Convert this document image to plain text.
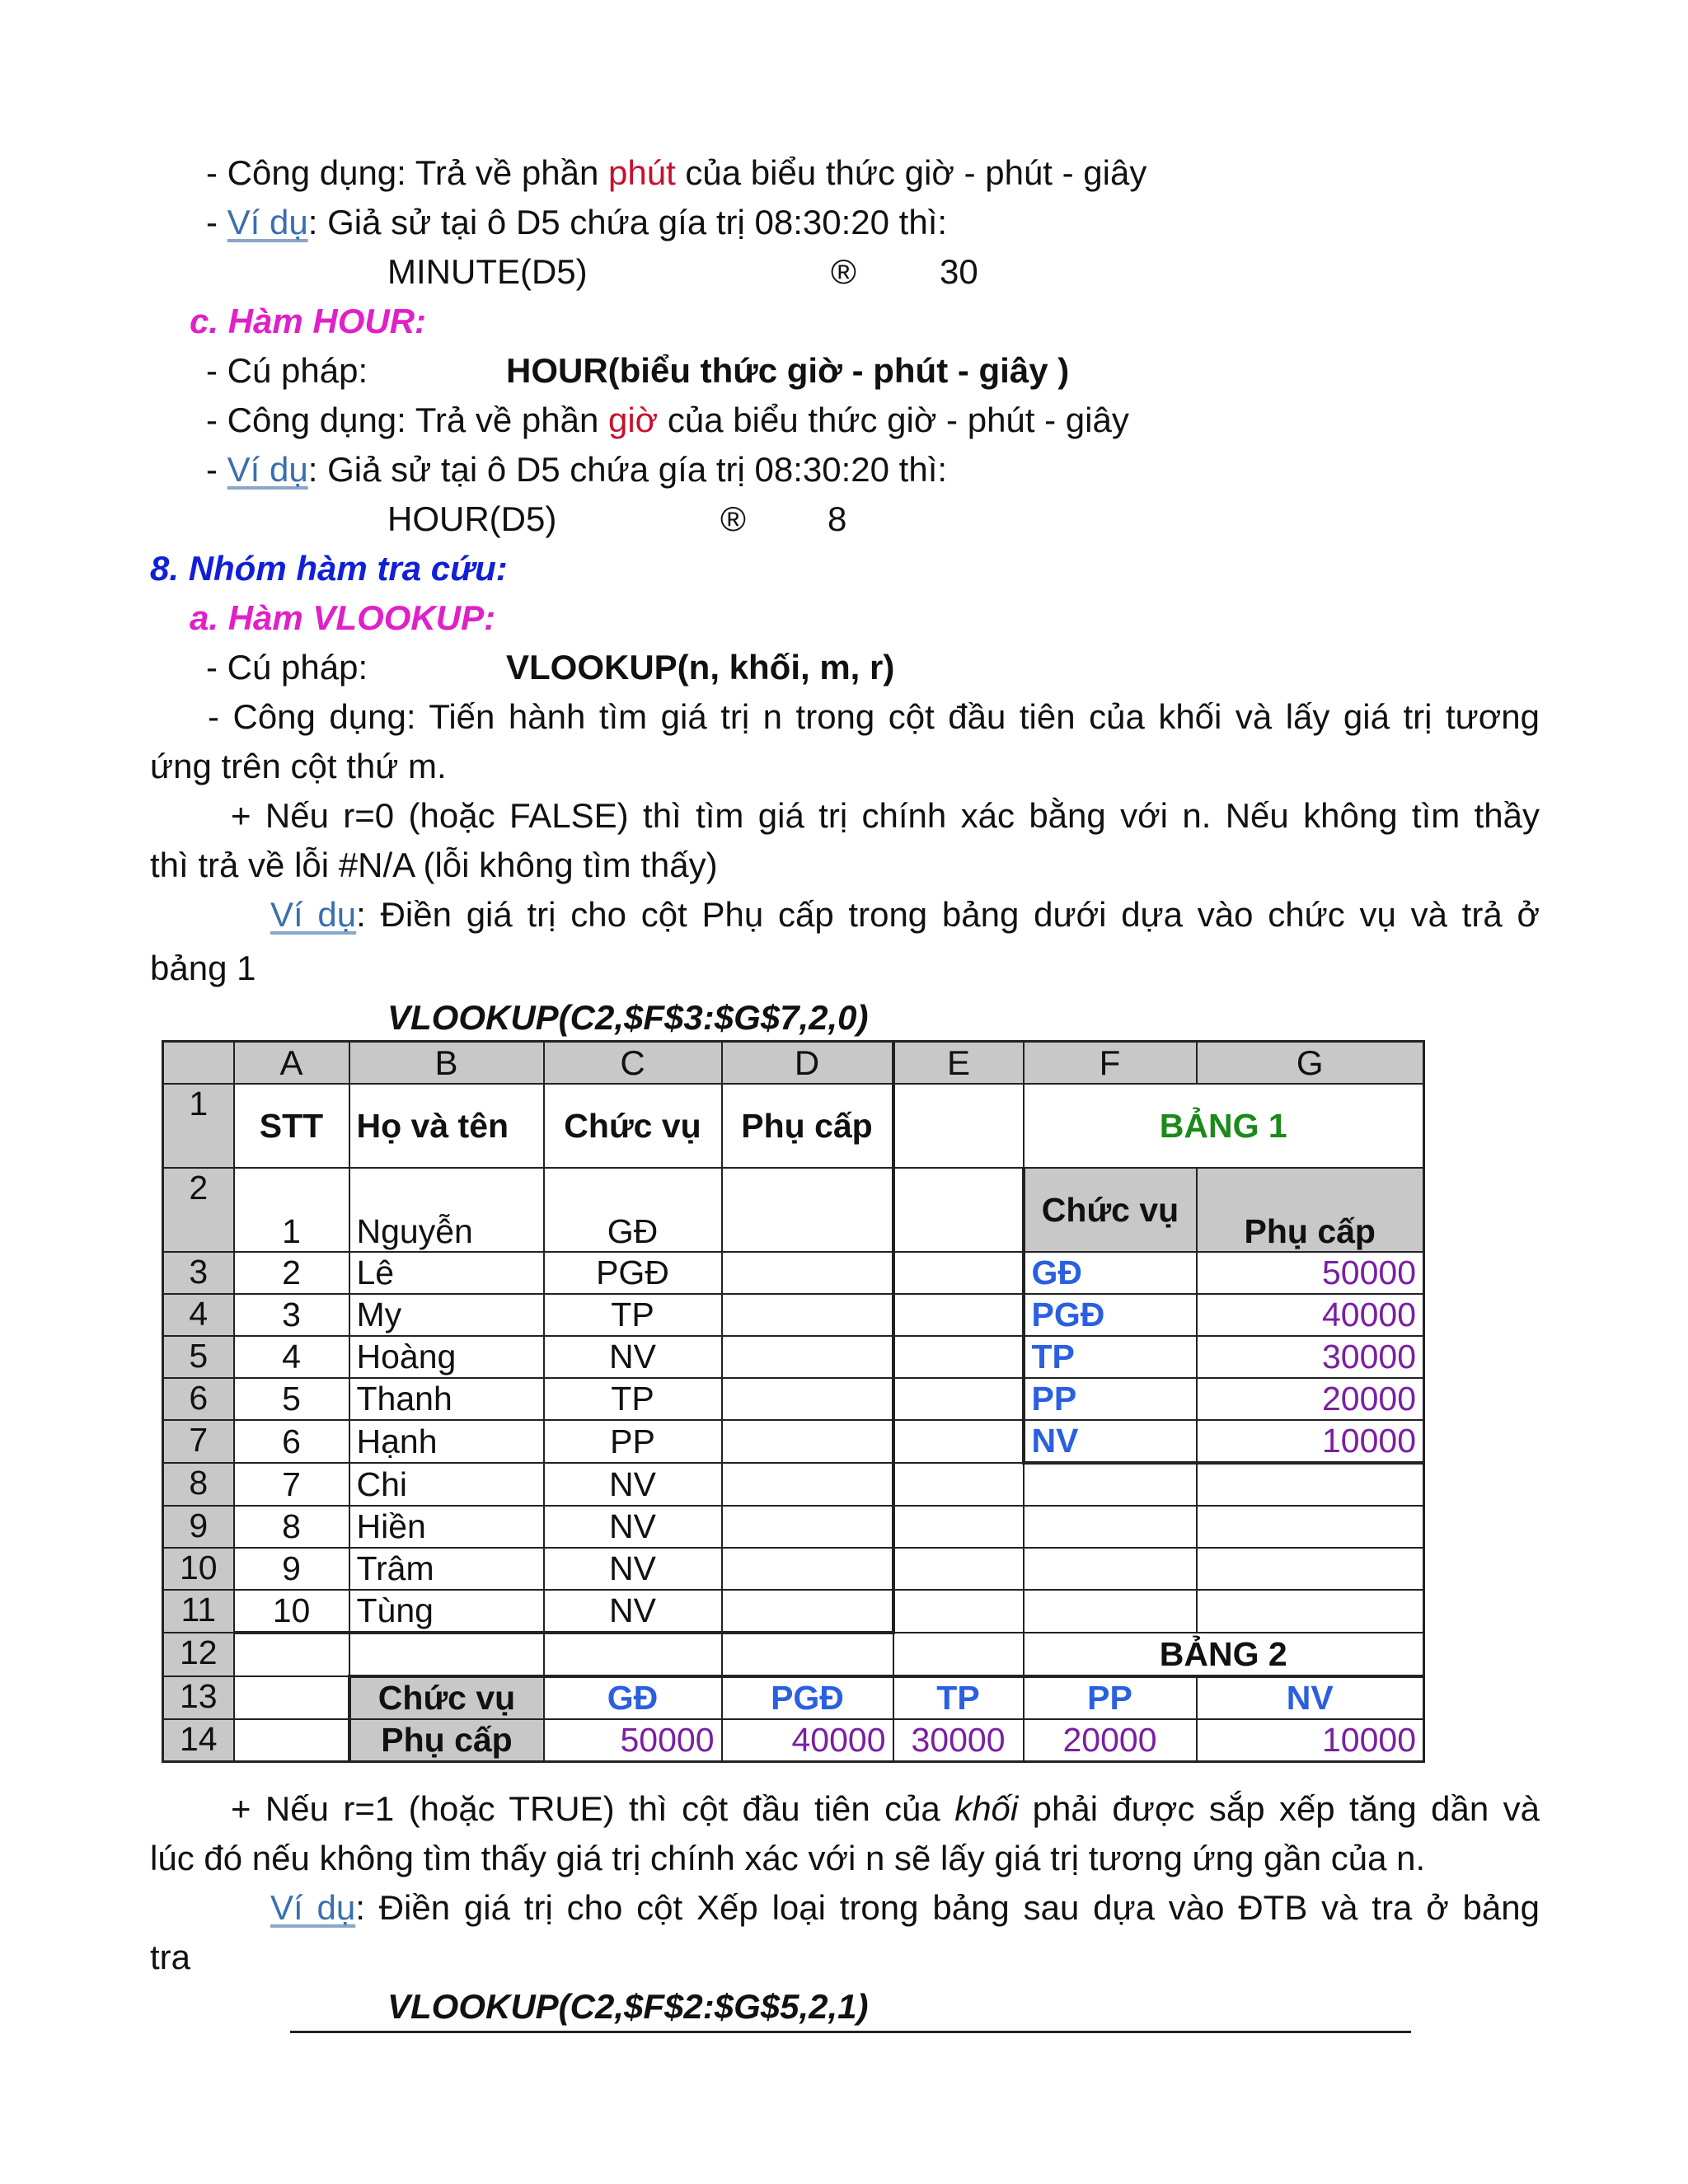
- Công dụng: Trả về phần phút của biểu thức giờ - phút - giây
- Ví dụ: Giả sử tại ô D5 chứa gía trị 08:30:20 thì:
MINUTE(D5)	® 30
c. Hàm HOUR:
- Cú pháp:	HOUR(biểu thức giờ - phút - giây )
- Công dụng: Trả về phần giờ của biểu thức giờ - phút - giây
- Ví dụ: Giả sử tại ô D5 chứa gía trị 08:30:20 thì:
HOUR(D5)	® 8
8. Nhóm hàm tra cứu:
a. Hàm VLOOKUP:
- Cú pháp:	VLOOKUP(n, khối, m, r)
- Công dụng: Tiến hành tìm giá trị n trong cột đầu tiên của khối và lấy giá trị tương
ứng trên cột thứ m.
+ Nếu r=0 (hoặc FALSE) thì tìm giá trị chính xác bằng với n. Nếu không tìm thầy
thì trả về lỗi #N/A (lỗi không tìm thấy)
Ví dụ: Điền giá trị cho cột Phụ cấp trong bảng dưới dựa vào chức vụ và trả ở
bảng 1
VLOOKUP(C2,$F$3:$G$7,2,0)
	A	B	C	D	E	F	G
1	STT	Họ và tên	Chức vụ	Phụ cấp		BẢNG 1	
2	1	Nguyễn	GĐ			Chức vụ	Phụ cấp
3	2	Lê	PGĐ			GĐ	50000
4	3	My	TP			PGĐ	40000
5	4	Hoàng	NV			TP	30000
6	5	Thanh	TP			PP	20000
7	6	Hạnh	PP			NV	10000
8	7	Chi	NV				
9	8	Hiền	NV				
10	9	Trâm	NV				
11	10	Tùng	NV				
12						BẢNG 2	
13		Chức vụ	GĐ	PGĐ	TP	PP	NV
14		Phụ cấp	50000	40000	30000	20000	10000
+ Nếu r=1 (hoặc TRUE) thì cột đầu tiên của khối phải được sắp xếp tăng dần và
lúc đó nếu không tìm thấy giá trị chính xác với n sẽ lấy giá trị tương ứng gần của n.
Ví dụ: Điền giá trị cho cột Xếp loại trong bảng sau dựa vào ĐTB và tra ở bảng
tra
VLOOKUP(C2,$F$2:$G$5,2,1)
